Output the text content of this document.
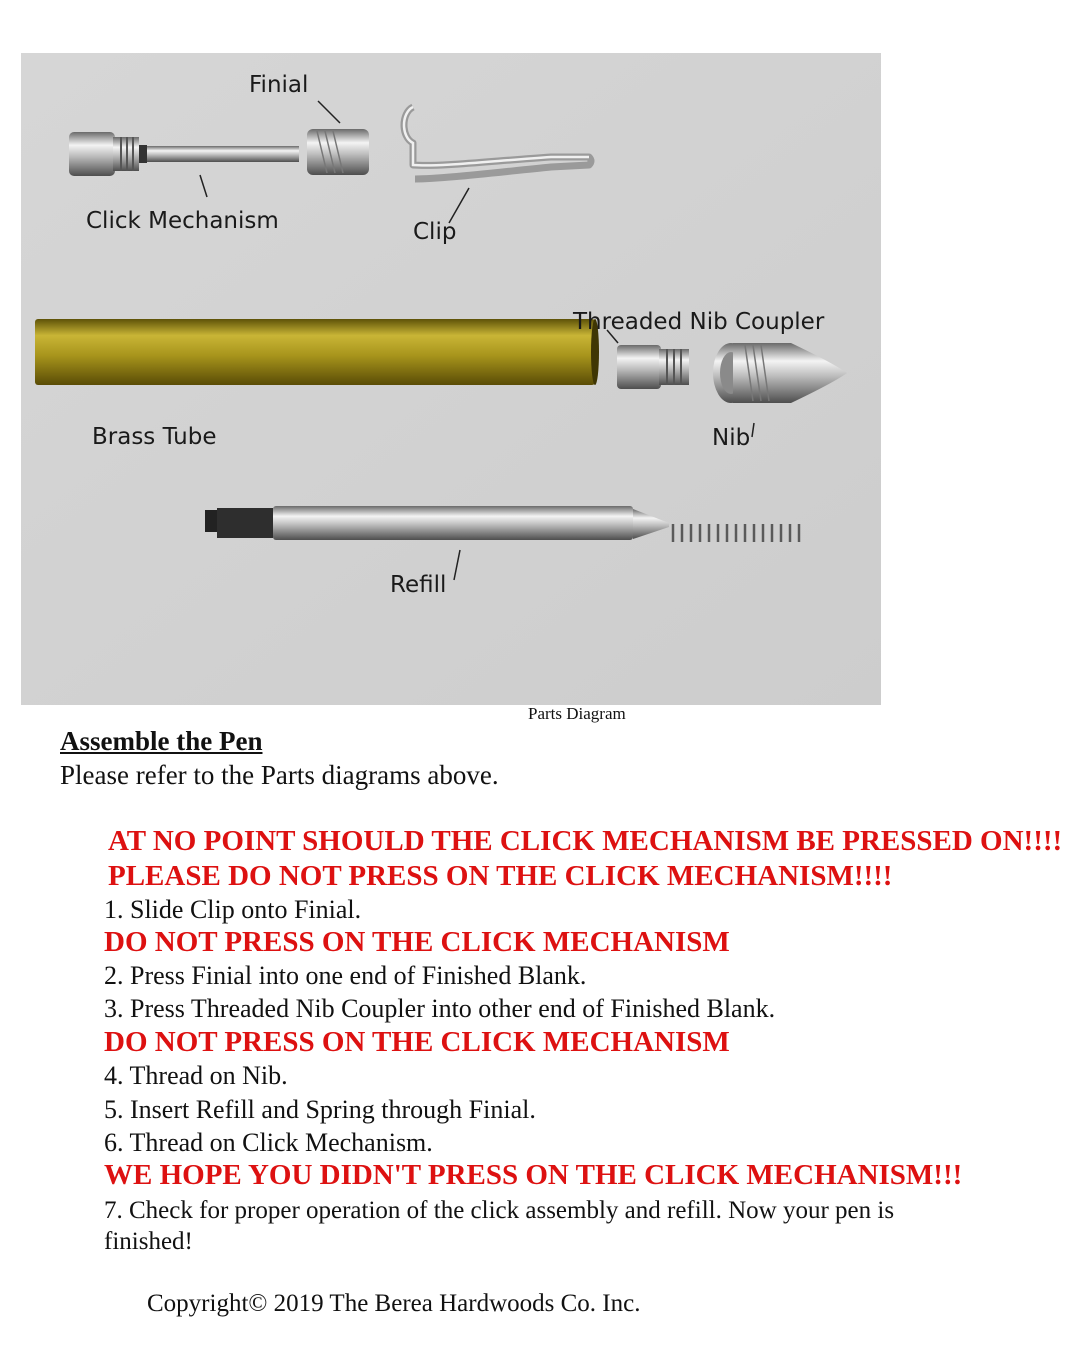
Finial
Click Mechanism	Clip
Threaded Nib Coupler
Brass Tube	Nib
Refill
Parts Diagram
Assemble the Pen
Please refer to the Parts diagrams above.
AT NO POINT SHOULD THE CLICK MECHANISM BE PRESSED ON!!!!
PLEASE DO NOT PRESS ON THE CLICK MECHANISM!!!!
1. Slide Clip onto Finial.
DO NOT PRESS ON THE CLICK MECHANISM
2. Press Finial into one end of Finished Blank.
3. Press Threaded Nib Coupler into other end of Finished Blank.
DO NOT PRESS ON THE CLICK MECHANISM
4. Thread on Nib.
5. Insert Refill and Spring through Finial.
6. Thread on Click Mechanism.
WE HOPE YOU DIDN'T PRESS ON THE CLICK MECHANISM!!!
7. Check for proper operation of the click assembly and refill. Now your pen is finished!
Copyright© 2019 The Berea Hardwoods Co. Inc.
